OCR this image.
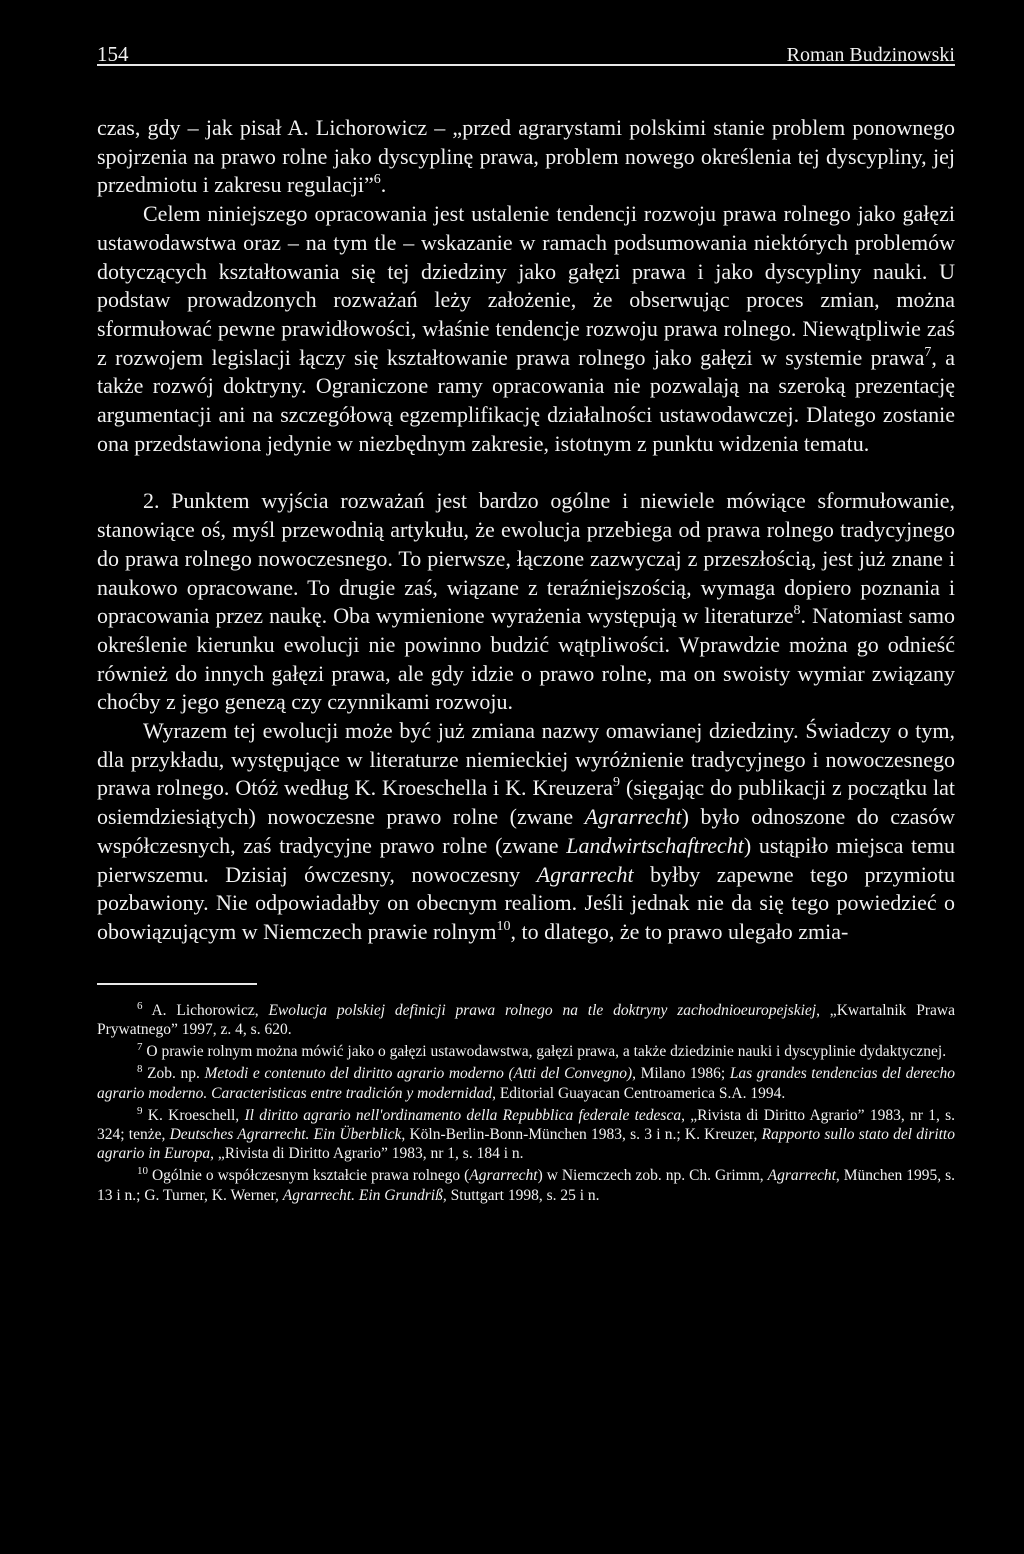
154	Roman Budzinowski

czas, gdy – jak pisał A. Lichorowicz – „przed agrarystami polskimi stanie problem ponownego spojrzenia na prawo rolne jako dyscyplinę prawa, problem nowego określenia tej dyscypliny, jej przedmiotu i zakresu regulacji”$^6$.

Celem niniejszego opracowania jest ustalenie tendencji rozwoju prawa rolnego jako gałęzi ustawodawstwa oraz – na tym tle – wskazanie w ramach podsumowania niektórych problemów dotyczących kształtowania się tej dziedziny jako gałęzi prawa i jako dyscypliny nauki. U podstaw prowadzonych rozważań leży założenie, że obserwując proces zmian, można sformułować pewne prawidłowości, właśnie tendencje rozwoju prawa rolnego. Niewątpliwie zaś z rozwojem legislacji łączy się kształtowanie prawa rolnego jako gałęzi w systemie prawa$^7$, a także rozwój doktryny. Ograniczone ramy opracowania nie pozwalają na szeroką prezentację argumentacji ani na szczegółową egzemplifikację działalności ustawodawczej. Dlatego zostanie ona przedstawiona jedynie w niezbędnym zakresie, istotnym z punktu widzenia tematu.

2. Punktem wyjścia rozważań jest bardzo ogólne i niewiele mówiące sformułowanie, stanowiące oś, myśl przewodnią artykułu, że ewolucja przebiega od prawa rolnego tradycyjnego do prawa rolnego nowoczesnego. To pierwsze, łączone zazwyczaj z przeszłością, jest już znane i naukowo opracowane. To drugie zaś, wiązane z teraźniejszością, wymaga dopiero poznania i opracowania przez naukę. Oba wymienione wyrażenia występują w literaturze$^8$. Natomiast samo określenie kierunku ewolucji nie powinno budzić wątpliwości. Wprawdzie można go odnieść również do innych gałęzi prawa, ale gdy idzie o prawo rolne, ma on swoisty wymiar związany choćby z jego genezą czy czynnikami rozwoju.

Wyrazem tej ewolucji może być już zmiana nazwy omawianej dziedziny. Świadczy o tym, dla przykładu, występujące w literaturze niemieckiej wyróżnienie tradycyjnego i nowoczesnego prawa rolnego. Otóż według K. Kroeschella i K. Kreuzera$^9$ (sięgając do publikacji z początku lat osiemdziesiątych) nowoczesne prawo rolne (zwane Agrarrecht) było odnoszone do czasów współczesnych, zaś tradycyjne prawo rolne (zwane Landwirtschaftrecht) ustąpiło miejsca temu pierwszemu. Dzisiaj ówczesny, nowoczesny Agrarrecht byłby zapewne tego przymiotu pozbawiony. Nie odpowiadałby on obecnym realiom. Jeśli jednak nie da się tego powiedzieć o obowiązującym w Niemczech prawie rolnym$^{10}$, to dlatego, że to prawo ulegało zmia-

$^6$ A. Lichorowicz, Ewolucja polskiej definicji prawa rolnego na tle doktryny zachodnioeuropejskiej, „Kwartalnik Prawa Prywatnego” 1997, z. 4, s. 620.

$^7$ O prawie rolnym można mówić jako o gałęzi ustawodawstwa, gałęzi prawa, a także dziedzinie nauki i dyscyplinie dydaktycznej.

$^8$ Zob. np. Metodi e contenuto del diritto agrario moderno (Atti del Convegno), Milano 1986; Las grandes tendencias del derecho agrario moderno. Caracteristicas entre tradición y modernidad, Editorial Guayacan Centroamerica S.A. 1994.

$^9$ K. Kroeschell, Il diritto agrario nell'ordinamento della Repubblica federale tedesca, „Rivista di Diritto Agrario” 1983, nr 1, s. 324; tenże, Deutsches Agrarrecht. Ein Überblick, Köln-Berlin-Bonn-München 1983, s. 3 i n.; K. Kreuzer, Rapporto sullo stato del diritto agrario in Europa, „Rivista di Diritto Agrario” 1983, nr 1, s. 184 i n.

$^{10}$ Ogólnie o współczesnym kształcie prawa rolnego (Agrarrecht) w Niemczech zob. np. Ch. Grimm, Agrarrecht, München 1995, s. 13 i n.; G. Turner, K. Werner, Agrarrecht. Ein Grundriß, Stuttgart 1998, s. 25 i n.
